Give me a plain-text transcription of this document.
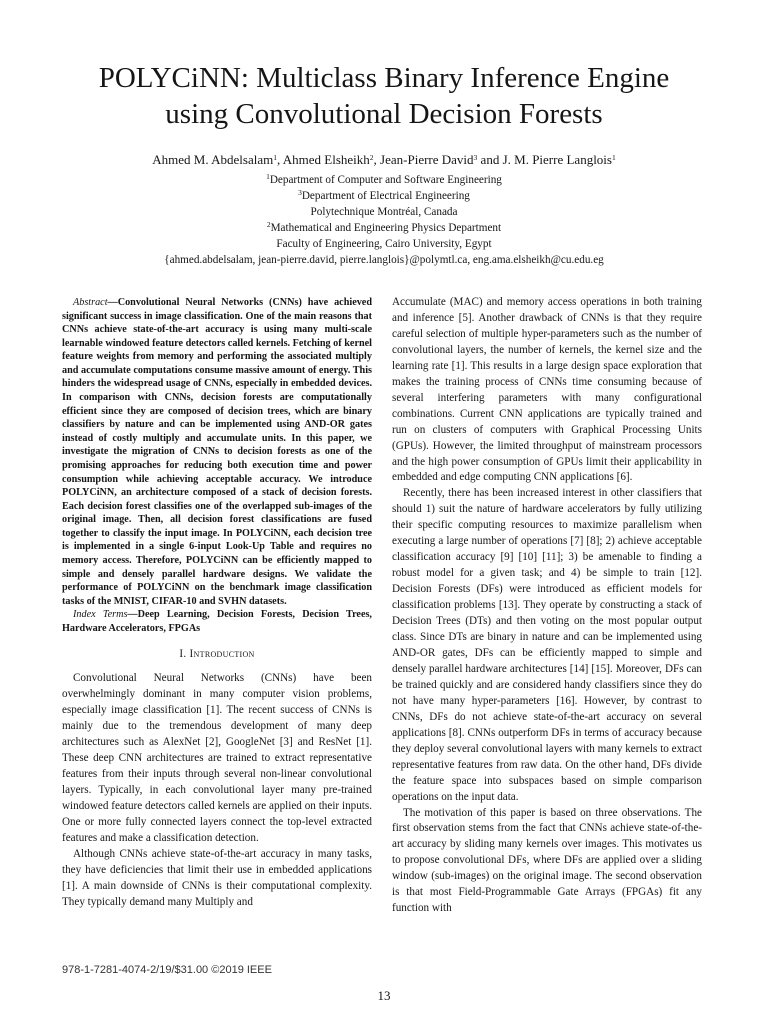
POLYCiNN: Multiclass Binary Inference Engine
using Convolutional Decision Forests
Ahmed M. Abdelsalam$^1$, Ahmed Elsheikh$^2$, Jean-Pierre David$^3$ and J. M. Pierre Langlois$^1$
$^1$Department of Computer and Software Engineering
$^3$Department of Electrical Engineering
Polytechnique Montréal, Canada
$^2$Mathematical and Engineering Physics Department
Faculty of Engineering, Cairo University, Egypt
{ahmed.abdelsalam, jean-pierre.david, pierre.langlois}@polymtl.ca, eng.ama.elsheikh@cu.edu.eg

Abstract—Convolutional Neural Networks (CNNs) have achieved significant success in image classification. One of the main reasons that CNNs achieve state-of-the-art accuracy is using many multi-scale learnable windowed feature detectors called kernels. Fetching of kernel feature weights from memory and performing the associated multiply and accumulate computations consume massive amount of energy. This hinders the widespread usage of CNNs, especially in embedded devices. In comparison with CNNs, decision forests are computationally efficient since they are composed of decision trees, which are binary classifiers by nature and can be implemented using AND-OR gates instead of costly multiply and accumulate units. In this paper, we investigate the migration of CNNs to decision forests as one of the promising approaches for reducing both execution time and power consumption while achieving acceptable accuracy. We introduce POLYCiNN, an architecture composed of a stack of decision forests. Each decision forest classifies one of the overlapped sub-images of the original image. Then, all decision forest classifications are fused together to classify the input image. In POLYCiNN, each decision tree is implemented in a single 6-input Look-Up Table and requires no memory access. Therefore, POLYCiNN can be efficiently mapped to simple and densely parallel hardware designs. We validate the performance of POLYCiNN on the benchmark image classification tasks of the MNIST, CIFAR-10 and SVHN datasets.

Index Terms—Deep Learning, Decision Forests, Decision Trees, Hardware Accelerators, FPGAs

I. Introduction

Convolutional Neural Networks (CNNs) have been overwhelmingly dominant in many computer vision problems, especially image classification [1]. The recent success of CNNs is mainly due to the tremendous development of many deep architectures such as AlexNet [2], GoogleNet [3] and ResNet [1]. These deep CNN architectures are trained to extract representative features from their inputs through several non-linear convolutional layers. Typically, in each convolutional layer many pre-trained windowed feature detectors called kernels are applied on their inputs. One or more fully connected layers connect the top-level extracted features and make a classification detection.

Although CNNs achieve state-of-the-art accuracy in many tasks, they have deficiencies that limit their use in embedded applications [1]. A main downside of CNNs is their computational complexity. They typically demand many Multiply and

Accumulate (MAC) and memory access operations in both training and inference [5]. Another drawback of CNNs is that they require careful selection of multiple hyper-parameters such as the number of convolutional layers, the number of kernels, the kernel size and the learning rate [1]. This results in a large design space exploration that makes the training process of CNNs time consuming because of several interfering parameters with many configurational combinations. Current CNN applications are typically trained and run on clusters of computers with Graphical Processing Units (GPUs). However, the limited throughput of mainstream processors and the high power consumption of GPUs limit their applicability in embedded and edge computing CNN applications [6].

Recently, there has been increased interest in other classifiers that should 1) suit the nature of hardware accelerators by fully utilizing their specific computing resources to maximize parallelism when executing a large number of operations [7] [8]; 2) achieve acceptable classification accuracy [9] [10] [11]; 3) be amenable to finding a robust model for a given task; and 4) be simple to train [12]. Decision Forests (DFs) were introduced as efficient models for classification problems [13]. They operate by constructing a stack of Decision Trees (DTs) and then voting on the most popular output class. Since DTs are binary in nature and can be implemented using AND-OR gates, DFs can be efficiently mapped to simple and densely parallel hardware architectures [14] [15]. Moreover, DFs can be trained quickly and are considered handy classifiers since they do not have many hyper-parameters [16]. However, by contrast to CNNs, DFs do not achieve state-of-the-art accuracy on several applications [8]. CNNs outperform DFs in terms of accuracy because they deploy several convolutional layers with many kernels to extract representative features from raw data. On the other hand, DFs divide the feature space into subspaces based on simple comparison operations on the input data.

The motivation of this paper is based on three observations. The first observation stems from the fact that CNNs achieve state-of-the-art accuracy by sliding many kernels over images. This motivates us to propose convolutional DFs, where DFs are applied over a sliding window (sub-images) on the original image. The second observation is that most Field-Programmable Gate Arrays (FPGAs) fit any function with

978-1-7281-4074-2/19/$31.00 ©2019 IEEE
13
